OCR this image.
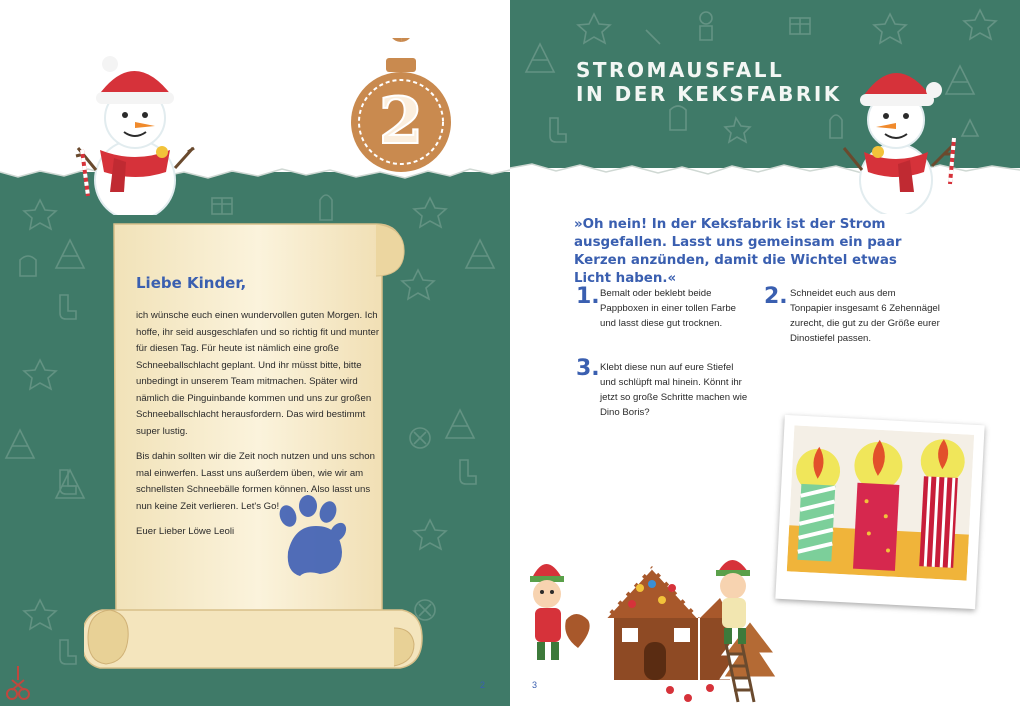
2
Liebe Kinder,

ich wünsche euch einen wundervollen guten Morgen. Ich hoffe, ihr seid ausgeschlafen und so richtig fit und munter für diesen Tag. Für heute ist nämlich eine große Schneeballschlacht geplant. Und ihr müsst bitte, bitte unbedingt in unserem Team mitmachen. Später wird nämlich die Pinguinbande kommen und uns zur großen Schneeballschlacht herausfordern. Das wird bestimmt super lustig.

Bis dahin sollten wir die Zeit noch nutzen und uns schon mal einwerfen. Lasst uns außerdem üben, wie wir am schnellsten Schneebälle formen können. Also lasst uns nun keine Zeit verlieren. Let's Go!

Euer Lieber Löwe Leoli

2
STROMAUSFALL
IN DER KEKSFABRIK
»Oh nein! In der Keksfabrik ist der Strom ausgefallen. Lasst uns gemeinsam ein paar Kerzen anzünden, damit die Wichtel etwas Licht haben.«
1. Bemalt oder beklebt beide Pappboxen in einer tollen Farbe und lasst diese gut trocknen.
2. Schneidet euch aus dem Tonpapier insgesamt 6 Zehennägel zurecht, die gut zu der Größe eurer Dinostiefel passen.
3. Klebt diese nun auf eure Stiefel und schlüpft mal hinein. Könnt ihr jetzt so große Schritte machen wie Dino Boris?
3
